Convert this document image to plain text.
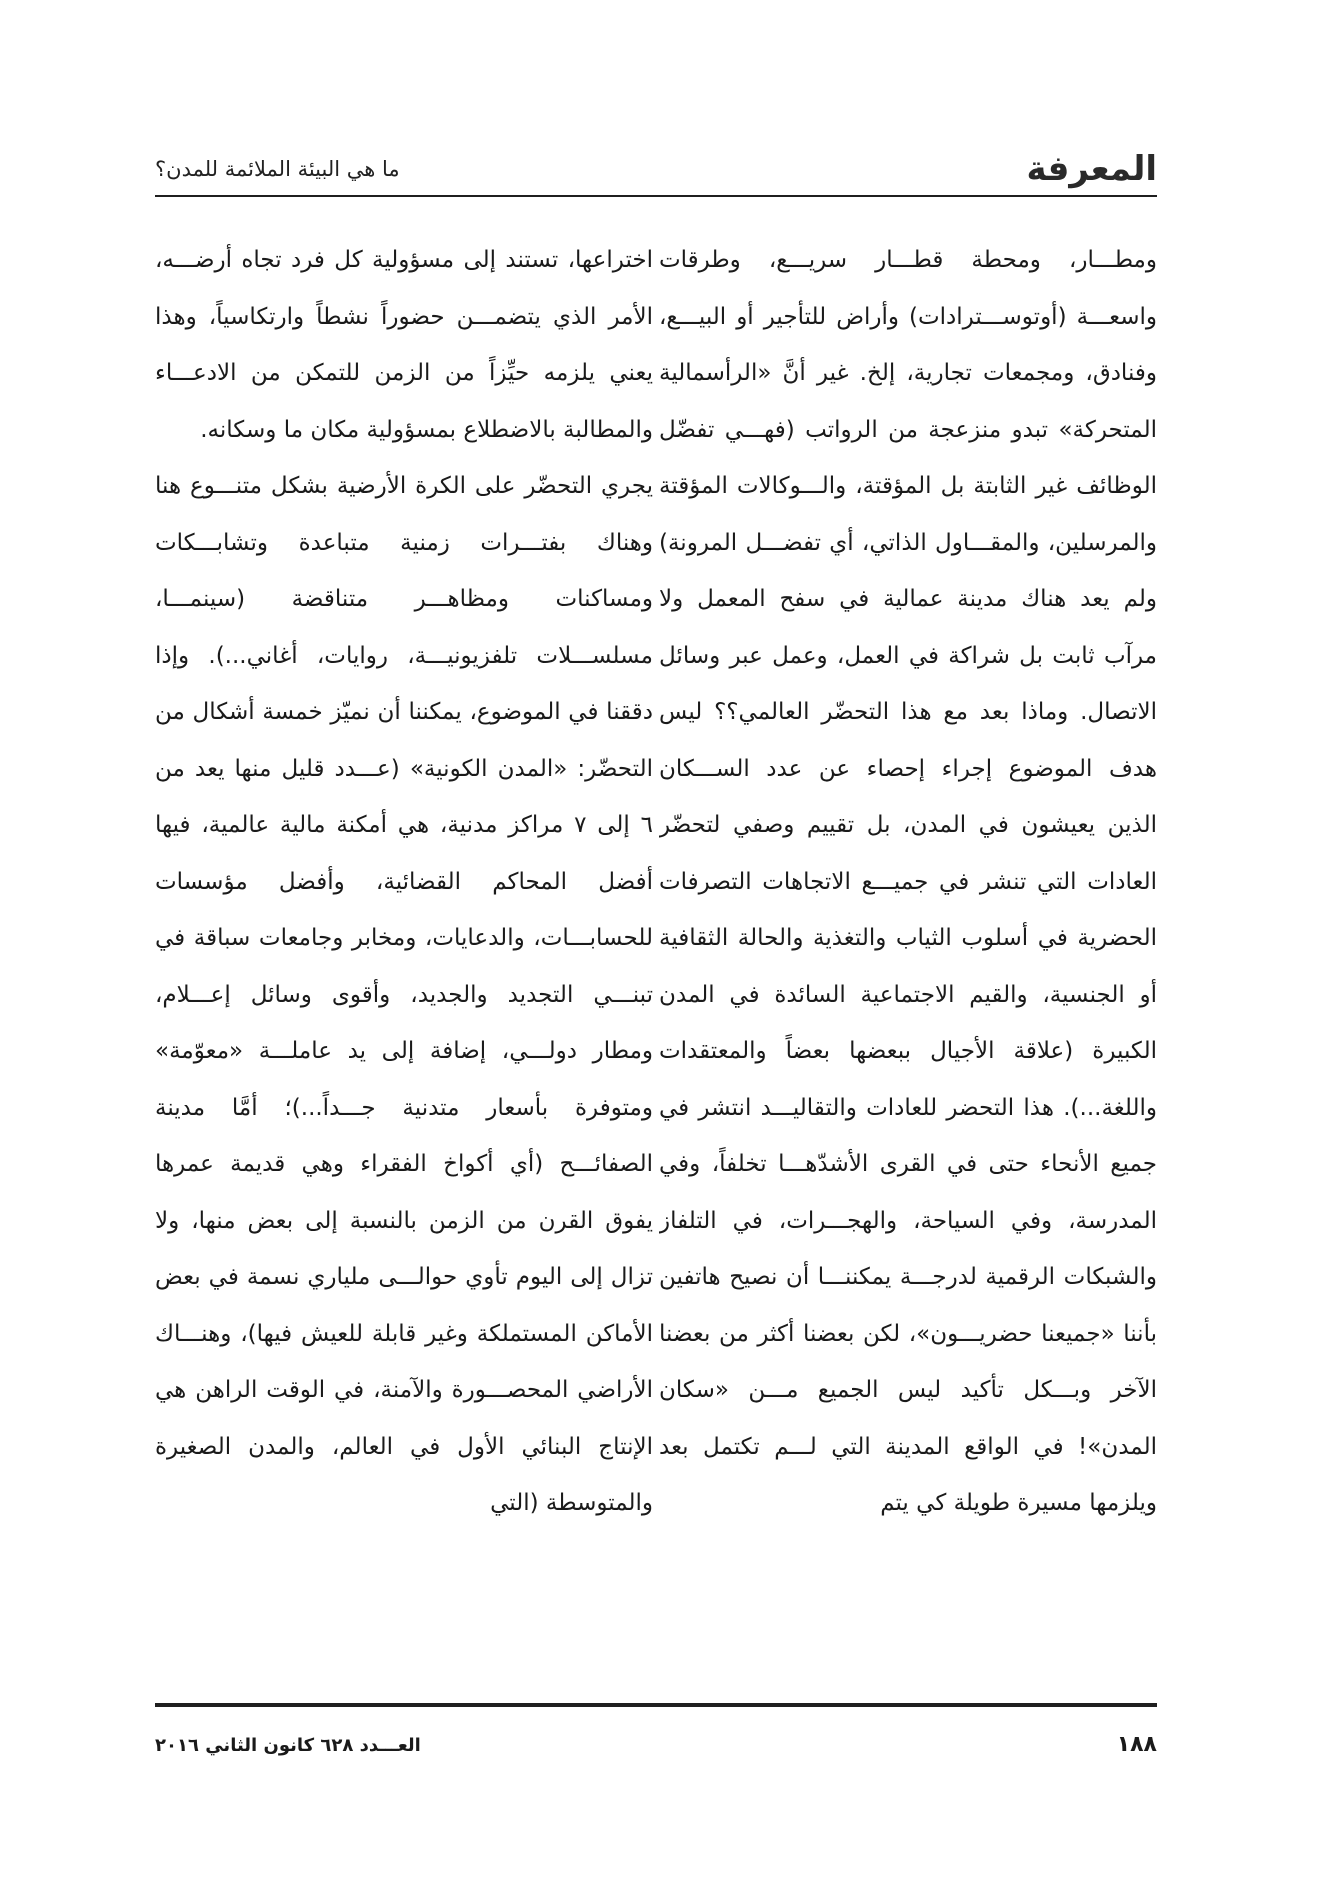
المعرفة
ما هي البيئة الملائمة للمدن؟

ومطـــار، ومحطة قطـــار سريـــع، وطرقات واسعـــة (أوتوســـترادات) وأراض للتأجير أو البيـــع، وفنادق، ومجمعات تجارية، إلخ. غير أنَّ «الرأسمالية المتحركة» تبدو منزعجة من الرواتب (فهـــي تفضّل الوظائف غير الثابتة بل المؤقتة، والـــوكالات المؤقتة والمرسلين، والمقـــاول الذاتي، أي تفضـــل المرونة) ولم يعد هناك مدينة عمالية في سفح المعمل ولا مرآب ثابت بل شراكة في العمل، وعمل عبر وسائل الاتصال. وماذا بعد مع هذا التحضّر العالمي؟؟ ليس هدف الموضوع إجراء إحصاء عن عدد الســـكان الذين يعيشون في المدن، بل تقييم وصفي لتحضّر العادات التي تنشر في جميـــع الاتجاهات التصرفات الحضرية في أسلوب الثياب والتغذية والحالة الثقافية أو الجنسية، والقيم الاجتماعية السائدة في المدن الكبيرة (علاقة الأجيال ببعضها بعضاً والمعتقدات واللغة...). هذا التحضر للعادات والتقاليـــد انتشر في جميع الأنحاء حتى في القرى الأشدّهـــا تخلفاً، وفي المدرسة، وفي السياحة، والهجـــرات، في التلفاز والشبكات الرقمية لدرجـــة يمكننـــا أن نصيح هاتفين بأننا «جميعنا حضريـــون»، لكن بعضنا أكثر من بعضنا الآخر وبـــكل تأكيد ليس الجميع مـــن «سكان المدن»! في الواقع المدينة التي لـــم تكتمل بعد ويلزمها مسيرة طويلة كي يتم

اختراعها، تستند إلى مسؤولية كل فرد تجاه أرضـــه، الأمر الذي يتضمـــن حضوراً نشطاً وارتكاسياً، وهذا يعني يلزمه حيِّزاً من الزمن للتمكن من الادعـــاء والمطالبة بالاضطلاع بمسؤولية مكان ما وسكانه.

يجري التحضّر على الكرة الأرضية بشكل متنـــوع هنا وهناك بفتـــرات زمنية متباعدة وتشابـــكات ومساكنات ومظاهـــر متناقضة (سينمـــا، مسلســـلات تلفزيونيـــة، روايات، أغاني...). وإذا دققنا في الموضوع، يمكننا أن نميّز خمسة أشكال من التحضّر: «المدن الكونية» (عـــدد قليل منها يعد من ٦ إلى ٧ مراكز مدنية، هي أمكنة مالية عالمية، فيها أفضل المحاكم القضائية، وأفضل مؤسسات للحسابـــات، والدعايات، ومخابر وجامعات سباقة في تبنـــي التجديد والجديد، وأقوى وسائل إعـــلام، ومطار دولـــي، إضافة إلى يد عاملـــة «معوّمة» ومتوفرة بأسعار متدنية جـــداً...)؛ أمَّا مدينة الصفائـــح (أي أكواخ الفقراء وهي قديمة عمرها يفوق القرن من الزمن بالنسبة إلى بعض منها، ولا تزال إلى اليوم تأوي حوالـــى ملياري نسمة في بعض الأماكن المستملكة وغير قابلة للعيش فيها)، وهنـــاك الأراضي المحصـــورة والآمنة، في الوقت الراهن هي الإنتاج البنائي الأول في العالم، والمدن الصغيرة والمتوسطة (التي

١٨٨
العـــدد ٦٢٨ كانون الثاني ٢٠١٦
